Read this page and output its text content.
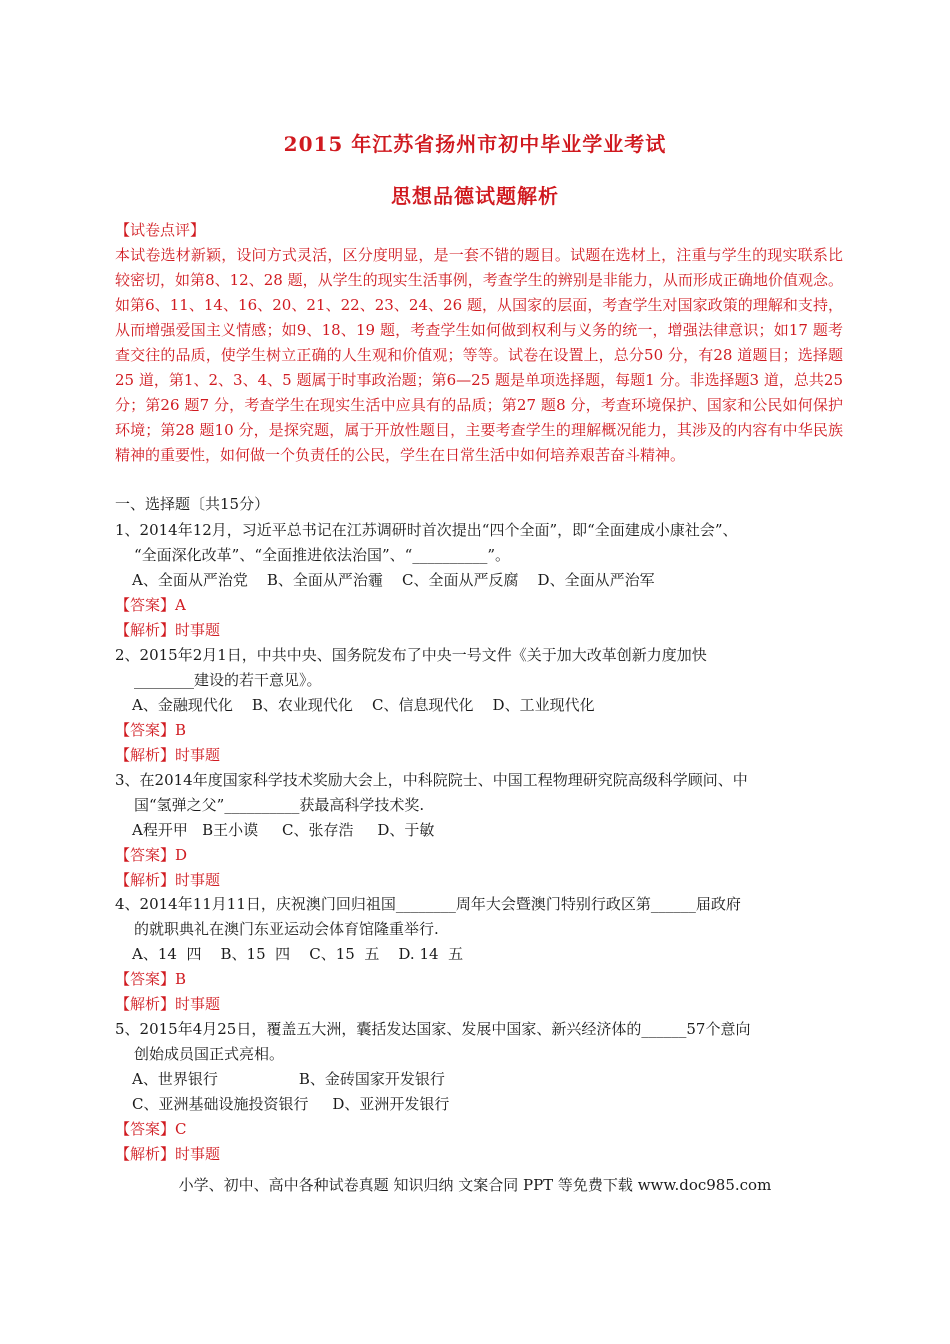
2015 年江苏省扬州市初中毕业学业考试
思想品德试题解析
【试卷点评】
本试卷选材新颖，设问方式灵活，区分度明显，是一套不错的题目。试题在选材上，注重与学生的现实联系比较密切，如第8、12、28 题，从学生的现实生活事例，考查学生的辨别是非能力，从而形成正确地价值观念。如第6、11、14、16、20、21、22、23、24、26 题，从国家的层面，考查学生对国家政策的理解和支持，从而增强爱国主义情感；如9、18、19 题，考查学生如何做到权利与义务的统一，增强法律意识；如17 题考查交往的品质，使学生树立正确的人生观和价值观；等等。试卷在设置上，总分50 分，有28 道题目；选择题25 道，第1、2、3、4、5 题属于时事政治题；第6—25 题是单项选择题，每题1 分。非选择题3 道，总共25 分；第26 题7 分，考查学生在现实生活中应具有的品质；第27 题8 分，考查环境保护、国家和公民如何保护环境；第28 题10 分，是探究题，属于开放性题目，主要考查学生的理解概况能力，其涉及的内容有中华民族精神的重要性，如何做一个负责任的公民，学生在日常生活中如何培养艰苦奋斗精神。
一、选择题〔共15分）
1、2014年12月，习近平总书记在江苏调研时首次提出“四个全面”，即“全面建成小康社会”、
“全面深化改革”、“全面推进依法治国”、“__________”。
A、全面从严治党    B、全面从严治霾    C、全面从严反腐    D、全面从严治军
【答案】A
【解析】时事题
2、2015年2月1日，中共中央、国务院发布了中央一号文件《关于加大改革创新力度加快
________建设的若干意见》。
A、金融现代化    B、农业现代化    C、信息现代化    D、工业现代化
【答案】B
【解析】时事题
3、在2014年度国家科学技术奖励大会上，中科院院士、中国工程物理研究院高级科学顾问、中
国“氢弹之父”__________获最高科学技术奖.
A程开甲   B王小谟     C、张存浩     D、于敏
【答案】D
【解析】时事题
4、2014年11月11日，庆祝澳门回归祖国________周年大会暨澳门特别行政区第______届政府
的就职典礼在澳门东亚运动会体育馆隆重举行.
A、14  四    B、15  四    C、15  五    D. 14  五
【答案】B
【解析】时事题
5、2015年4月25日，覆盖五大洲，囊括发达国家、发展中国家、新兴经济体的______57个意向
创始成员国正式亮相。
A、世界银行                 B、金砖国家开发银行
C、亚洲基础设施投资银行     D、亚洲开发银行
【答案】C
【解析】时事题
小学、初中、高中各种试卷真题 知识归纳 文案合同 PPT 等免费下载 www.doc985.com
